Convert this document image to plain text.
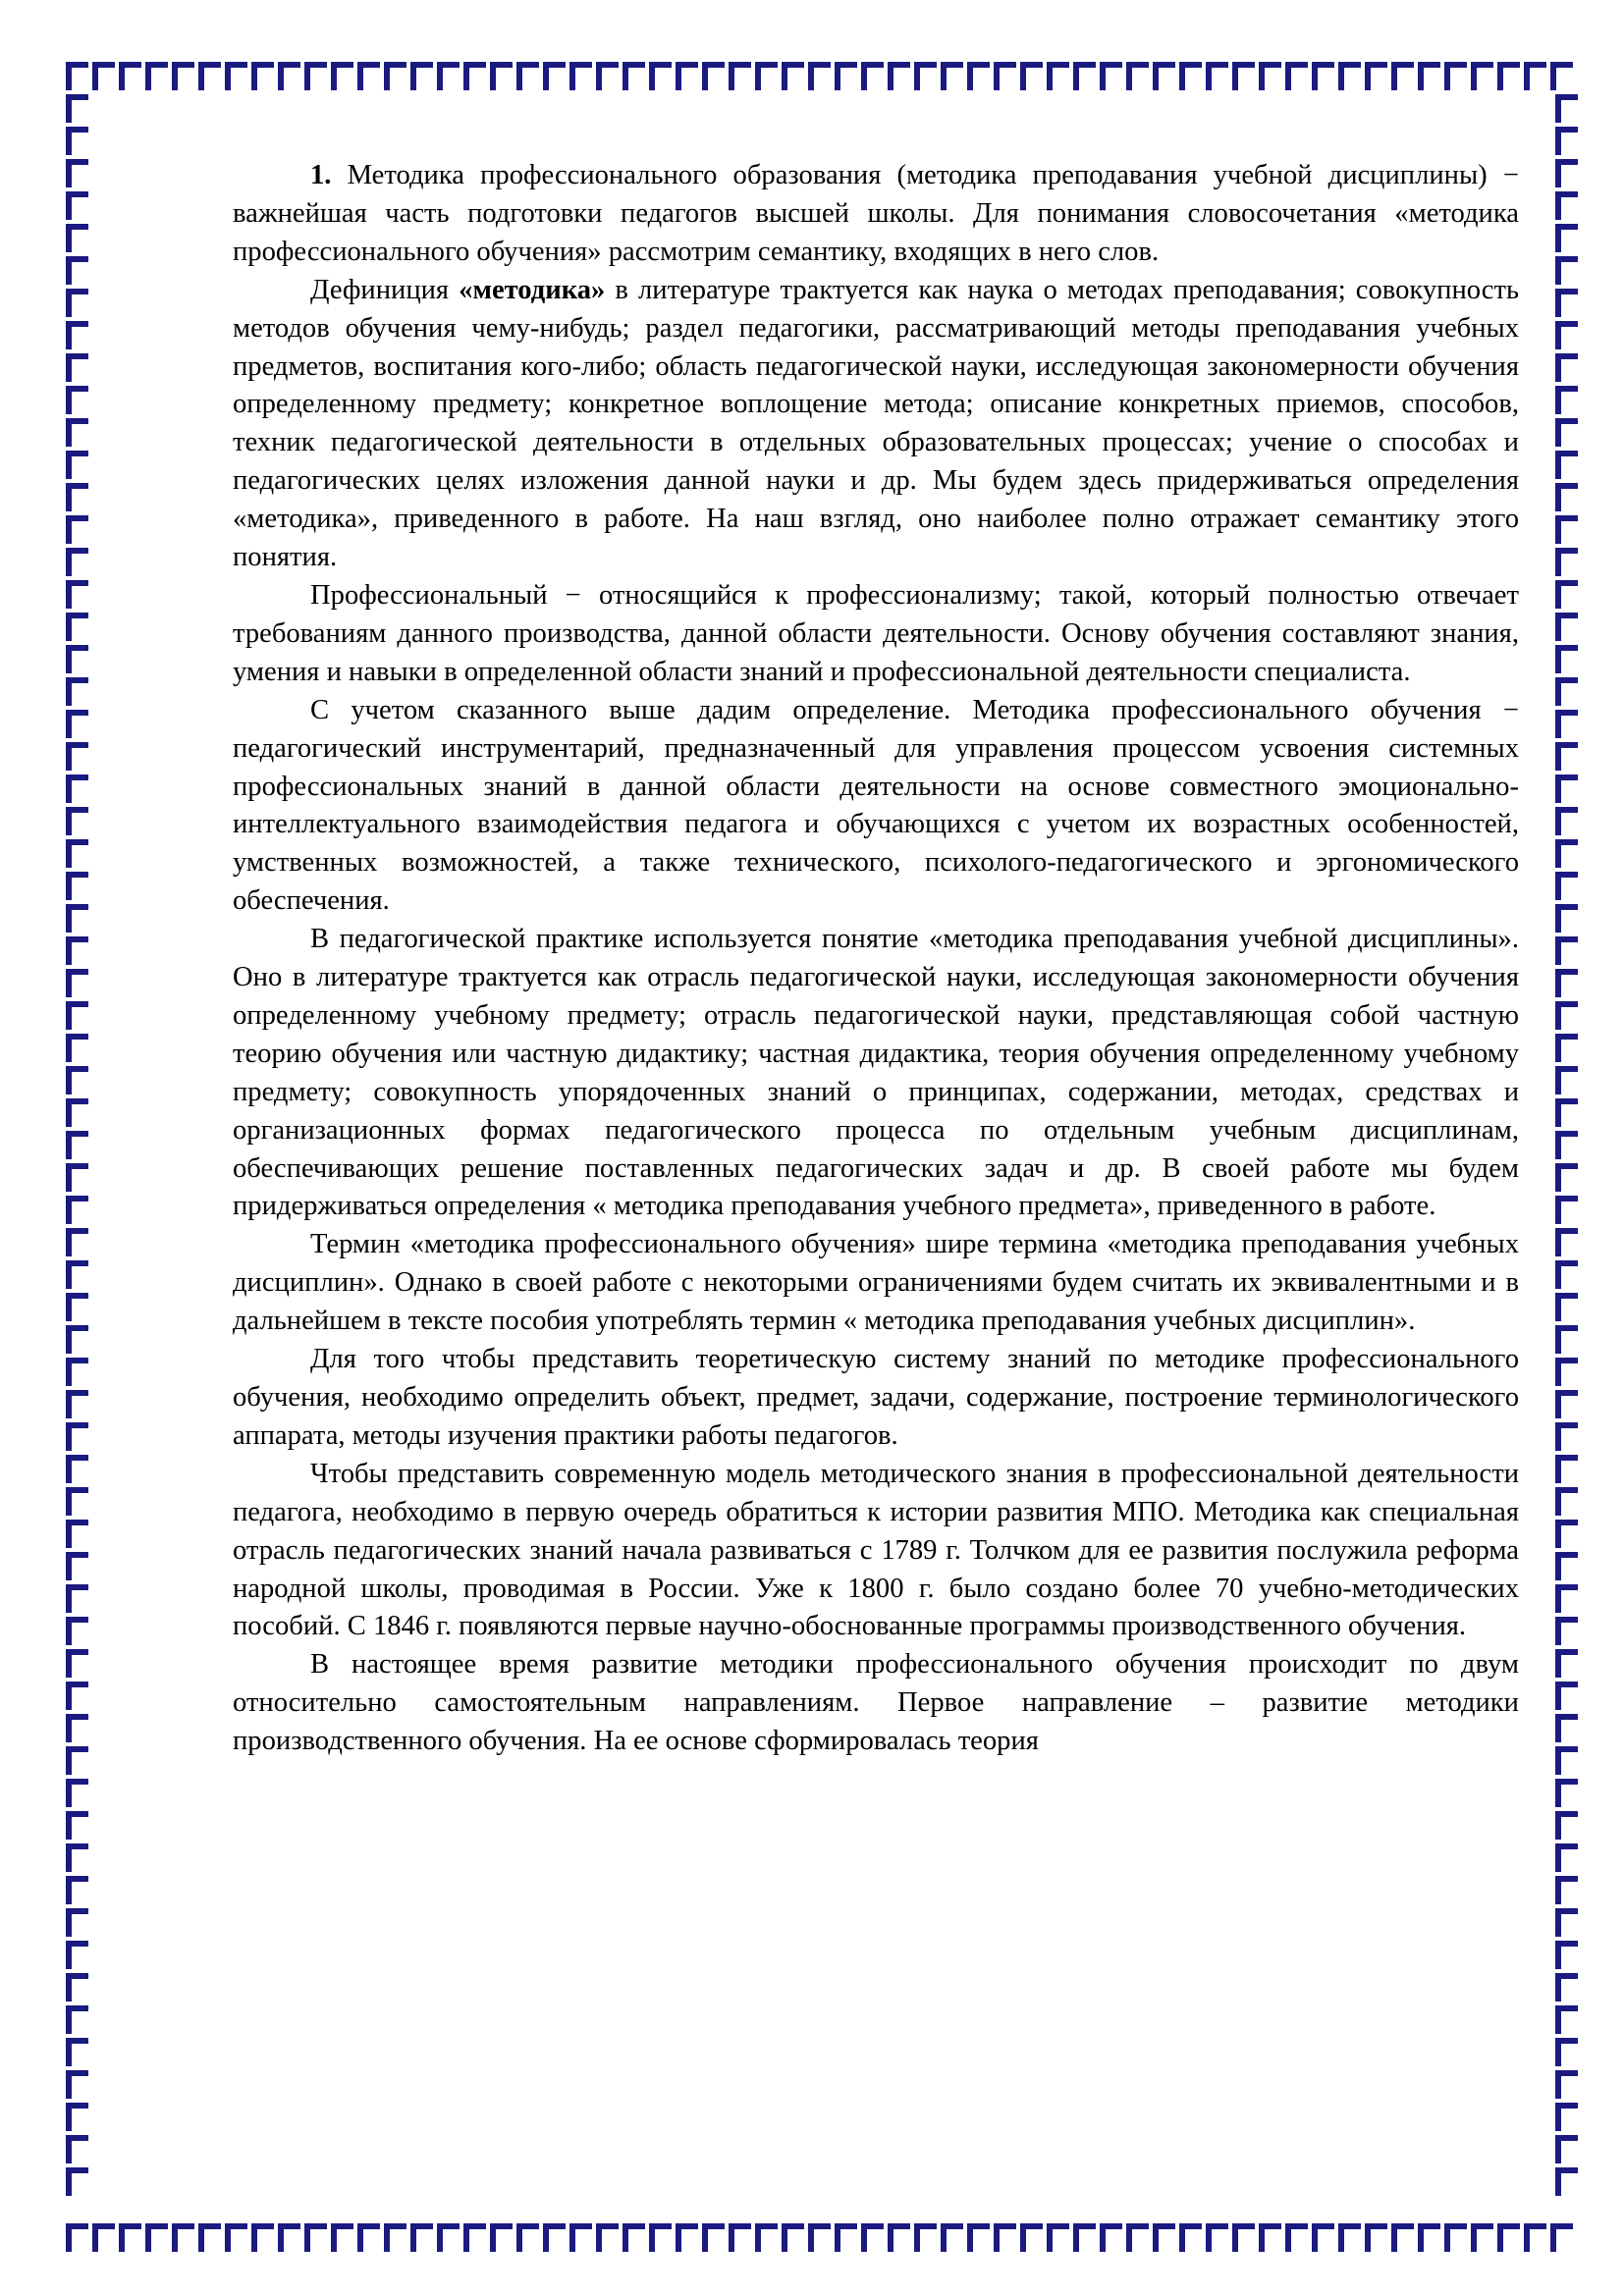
1. Методика профессионального образования (методика преподавания учебной дисциплины) − важнейшая часть подготовки педагогов высшей школы. Для понимания словосочетания «методика профессионального обучения» рассмотрим семантику, входящих в него слов.

Дефиниция «методика» в литературе трактуется как наука о методах преподавания; совокупность методов обучения чему-нибудь; раздел педагогики, рассматривающий методы преподавания учебных предметов, воспитания кого-либо; область педагогической науки, исследующая закономерности обучения определенному предмету; конкретное воплощение метода; описание конкретных приемов, способов, техник педагогической деятельности в отдельных образовательных процессах; учение о способах и педагогических целях изложения данной науки и др. Мы будем здесь придерживаться определения «методика», приведенного в работе. На наш взгляд, оно наиболее полно отражает семантику этого понятия.

Профессиональный − относящийся к профессионализму; такой, который полностью отвечает требованиям данного производства, данной области деятельности. Основу обучения составляют знания, умения и навыки в определенной области знаний и профессиональной деятельности специалиста.

С учетом сказанного выше дадим определение. Методика профессионального обучения − педагогический инструментарий, предназначенный для управления процессом усвоения системных профессиональных знаний в данной области деятельности на основе совместного эмоционально-интеллектуального взаимодействия педагога и обучающихся с учетом их возрастных особенностей, умственных возможностей, а также технического, психолого-педагогического и эргономического обеспечения.

В педагогической практике используется понятие «методика преподавания учебной дисциплины». Оно в литературе трактуется как отрасль педагогической науки, исследующая закономерности обучения определенному учебному предмету; отрасль педагогической науки, представляющая собой частную теорию обучения или частную дидактику; частная дидактика, теория обучения определенному учебному предмету; совокупность упорядоченных знаний о принципах, содержании, методах, средствах и организационных формах педагогического процесса по отдельным учебным дисциплинам, обеспечивающих решение поставленных педагогических задач и др. В своей работе мы будем придерживаться определения « методика преподавания учебного предмета», приведенного в работе.

Термин «методика профессионального обучения» шире термина «методика преподавания учебных дисциплин». Однако в своей работе с некоторыми ограничениями будем считать их эквивалентными и в дальнейшем в тексте пособия употреблять термин « методика преподавания учебных дисциплин».

Для того чтобы представить теоретическую систему знаний по методике профессионального обучения, необходимо определить объект, предмет, задачи, содержание, построение терминологического аппарата, методы изучения практики работы педагогов.

Чтобы представить современную модель методического знания в профессиональной деятельности педагога, необходимо в первую очередь обратиться к истории развития МПО. Методика как специальная отрасль педагогических знаний начала развиваться с 1789 г. Толчком для ее развития послужила реформа народной школы, проводимая в России. Уже к 1800 г. было создано более 70 учебно-методических пособий. С 1846 г. появляются первые научно-обоснованные программы производственного обучения.

В настоящее время развитие методики профессионального обучения происходит по двум относительно самостоятельным направлениям. Первое направление – развитие методики производственного обучения. На ее основе сформировалась теория
